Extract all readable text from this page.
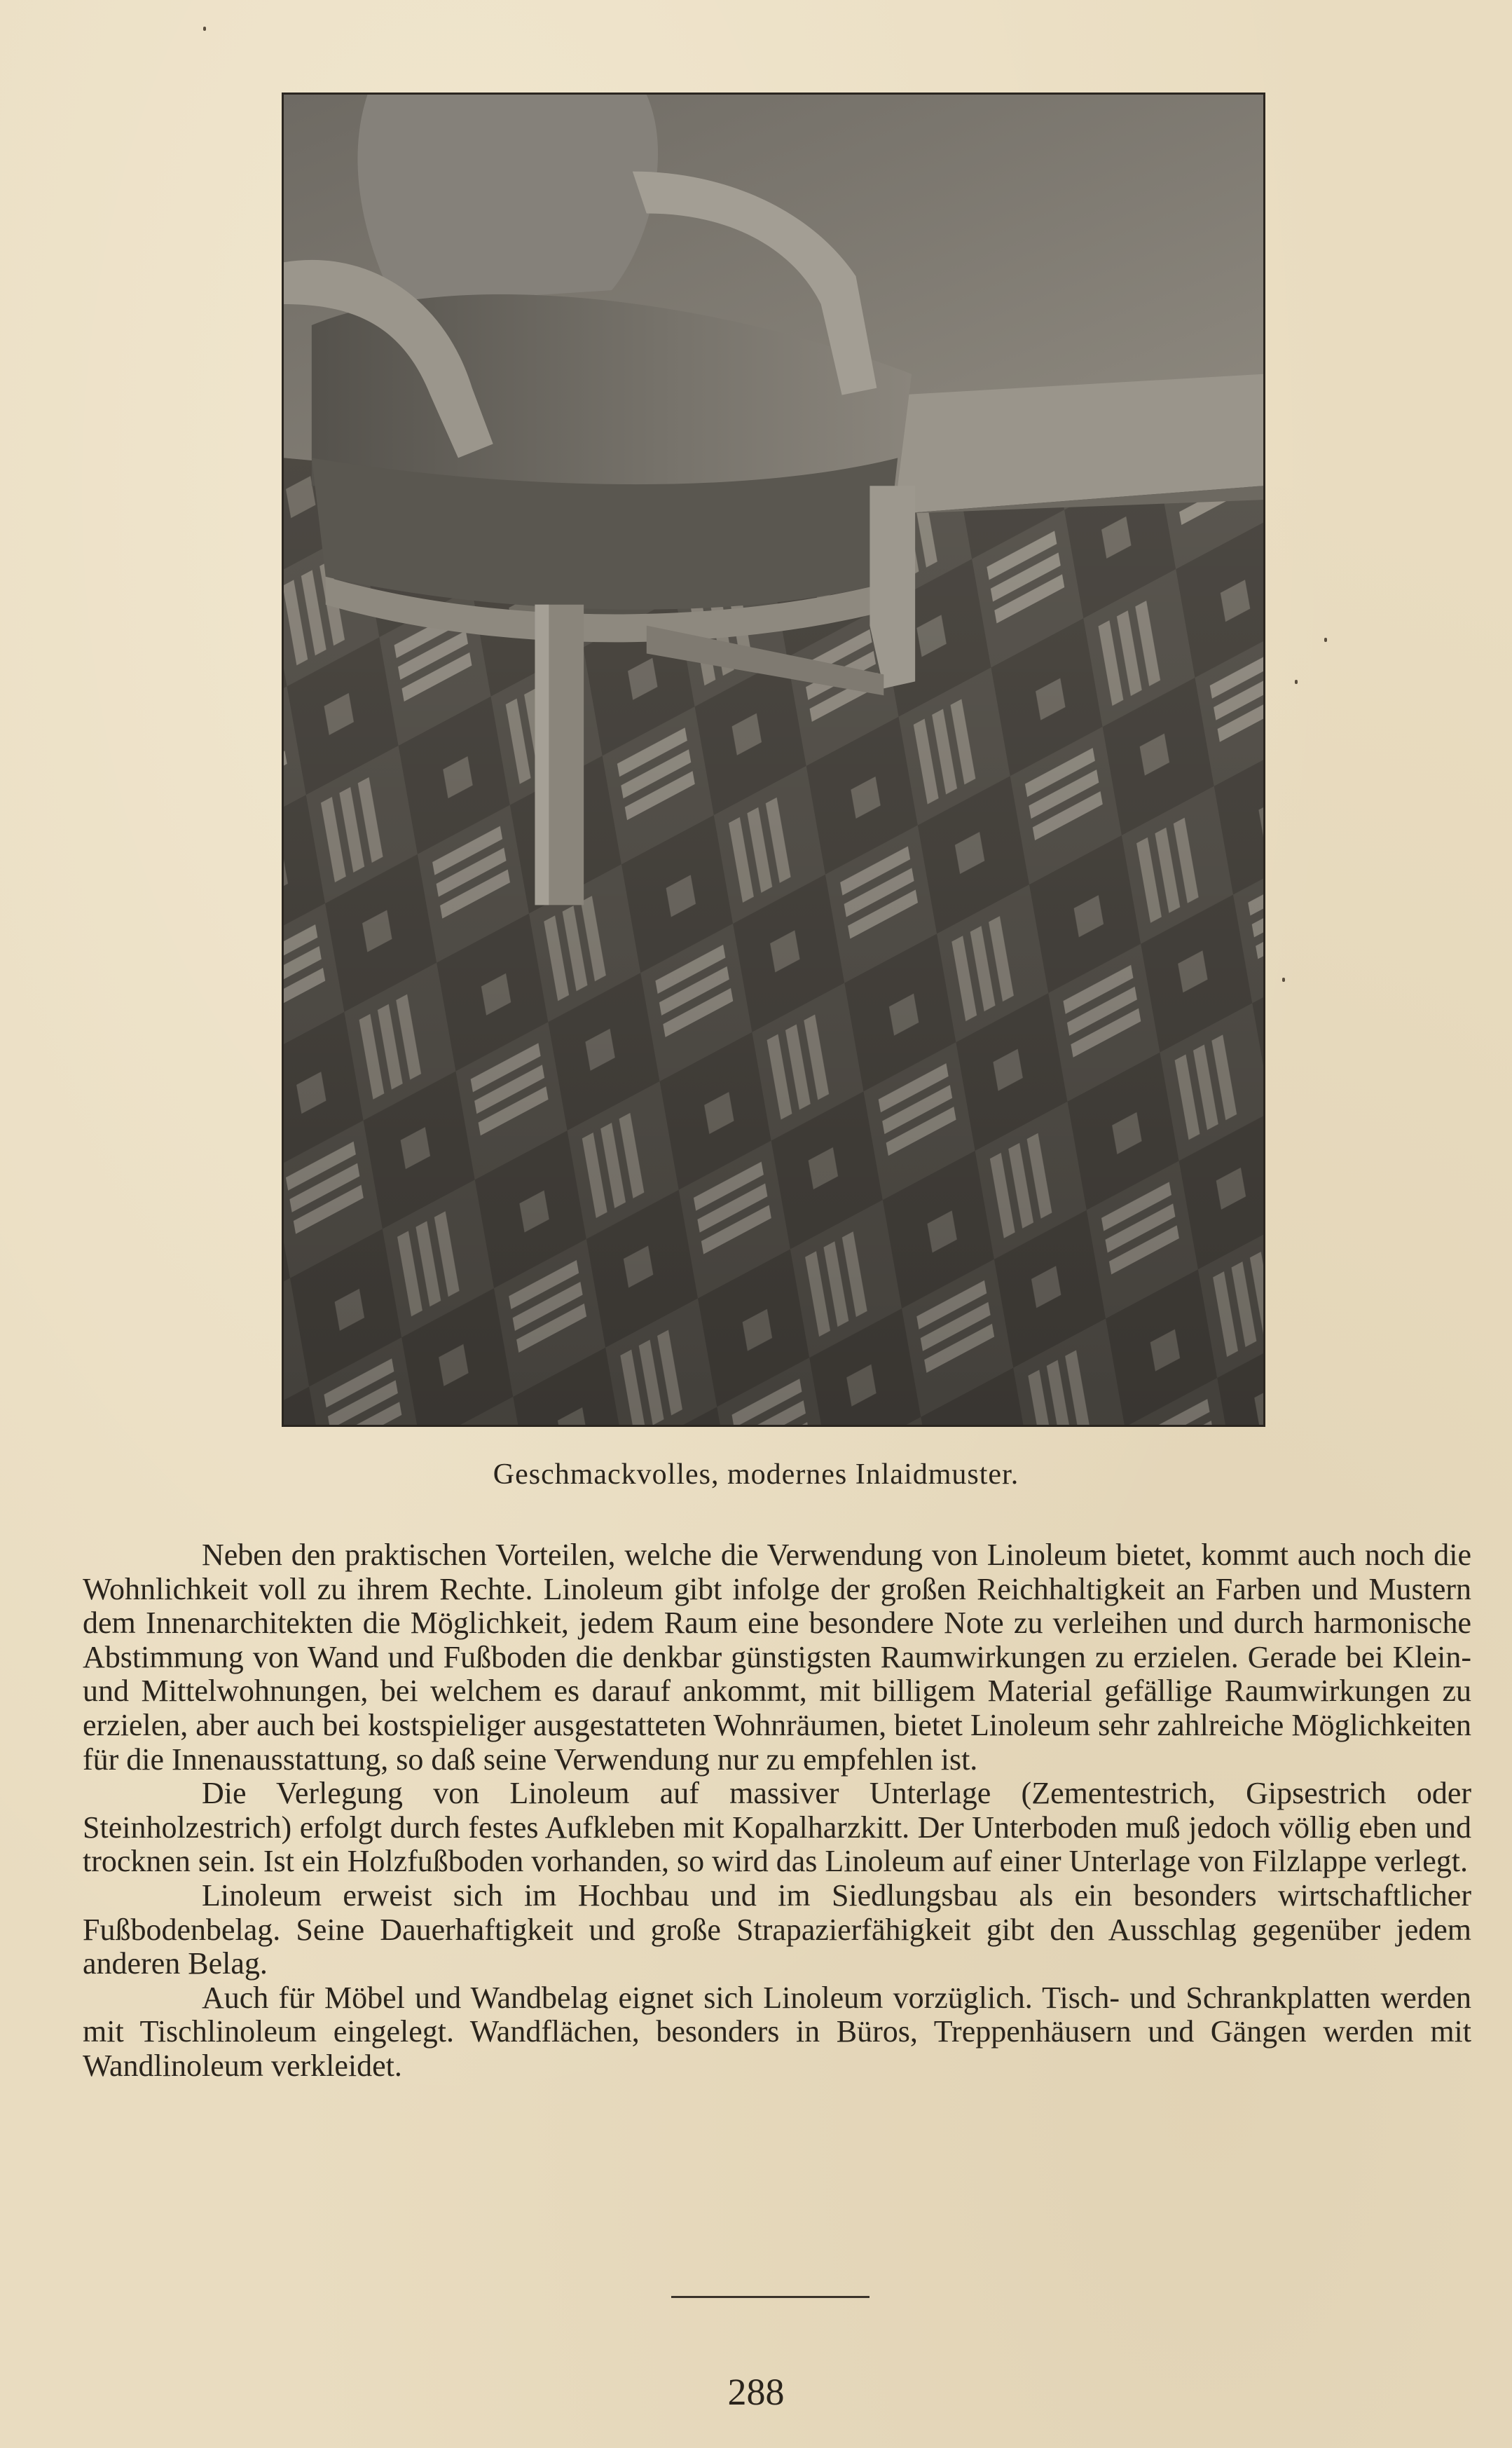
Geschmackvolles, modernes Inlaidmuster.

Neben den praktischen Vorteilen, welche die Verwendung von Linoleum bietet, kommt auch noch die Wohnlichkeit voll zu ihrem Rechte. Linoleum gibt infolge der großen Reichhaltigkeit an Farben und Mustern dem Innenarchitekten die Möglichkeit, jedem Raum eine besondere Note zu verleihen und durch harmonische Abstimmung von Wand und Fußboden die denkbar günstigsten Raumwirkungen zu erzielen. Gerade bei Klein- und Mittelwohnungen, bei welchem es darauf ankommt, mit billigem Material gefällige Raumwirkungen zu erzielen, aber auch bei kostspieliger ausgestatteten Wohnräumen, bietet Linoleum sehr zahlreiche Möglichkeiten für die Innenausstattung, so daß seine Verwendung nur zu empfehlen ist.

Die Verlegung von Linoleum auf massiver Unterlage (Zementestrich, Gipsestrich oder Steinholzestrich) erfolgt durch festes Aufkleben mit Kopalharzkitt. Der Unterboden muß jedoch völlig eben und trocknen sein. Ist ein Holzfußboden vorhanden, so wird das Linoleum auf einer Unterlage von Filzlappe verlegt.

Linoleum erweist sich im Hochbau und im Siedlungsbau als ein besonders wirtschaftlicher Fußbodenbelag. Seine Dauerhaftigkeit und große Strapazierfähigkeit gibt den Ausschlag gegenüber jedem anderen Belag.

Auch für Möbel und Wandbelag eignet sich Linoleum vorzüglich. Tisch- und Schrankplatten werden mit Tischlinoleum eingelegt. Wandflächen, besonders in Büros, Treppenhäusern und Gängen werden mit Wandlinoleum verkleidet.

288
